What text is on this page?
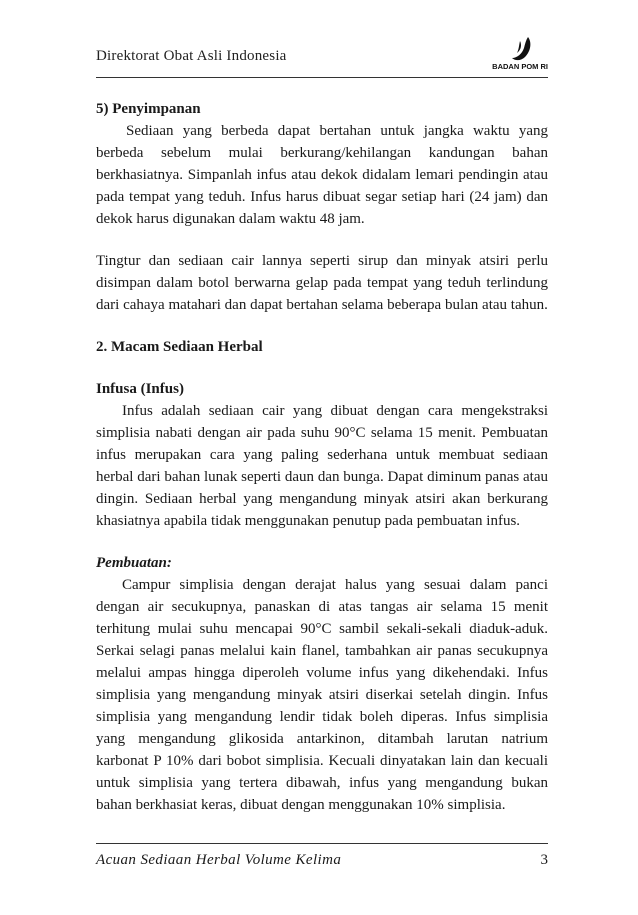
Direktorat Obat Asli Indonesia
BADAN POM RI

5) Penyimpanan

Sediaan yang berbeda dapat bertahan untuk jangka waktu yang berbeda sebelum mulai berkurang/kehilangan kandungan bahan berkhasiatnya. Simpanlah infus atau dekok didalam lemari pendingin atau pada tempat yang teduh. Infus harus dibuat segar setiap hari (24 jam) dan dekok harus digunakan dalam waktu 48 jam.

Tingtur dan sediaan cair lannya seperti sirup dan minyak atsiri perlu disimpan dalam botol berwarna gelap pada tempat yang teduh terlindung dari cahaya matahari dan dapat bertahan selama beberapa bulan atau tahun.

2. Macam Sediaan Herbal

Infusa (Infus)

Infus adalah sediaan cair yang dibuat dengan cara mengekstraksi simplisia nabati dengan air pada suhu 90°C selama 15 menit. Pembuatan infus merupakan cara yang paling sederhana untuk membuat sediaan herbal dari bahan lunak seperti daun dan bunga. Dapat diminum panas atau dingin. Sediaan herbal yang mengandung minyak atsiri akan berkurang khasiatnya apabila tidak menggunakan penutup pada pembuatan infus.

Pembuatan:

Campur simplisia dengan derajat halus yang sesuai dalam panci dengan air secukupnya, panaskan di atas tangas air selama 15 menit terhitung mulai suhu mencapai 90°C sambil sekali-sekali diaduk-aduk. Serkai selagi panas melalui kain flanel, tambahkan air panas secukupnya melalui ampas hingga diperoleh volume infus yang dikehendaki. Infus simplisia yang mengandung minyak atsiri diserkai setelah dingin. Infus simplisia yang mengandung lendir tidak boleh diperas. Infus simplisia yang mengandung glikosida antarkinon, ditambah larutan natrium karbonat P 10% dari bobot simplisia. Kecuali dinyatakan lain dan kecuali untuk simplisia yang tertera dibawah, infus yang mengandung bukan bahan berkhasiat keras, dibuat dengan menggunakan 10% simplisia.

Acuan Sediaan Herbal Volume Kelima	3
